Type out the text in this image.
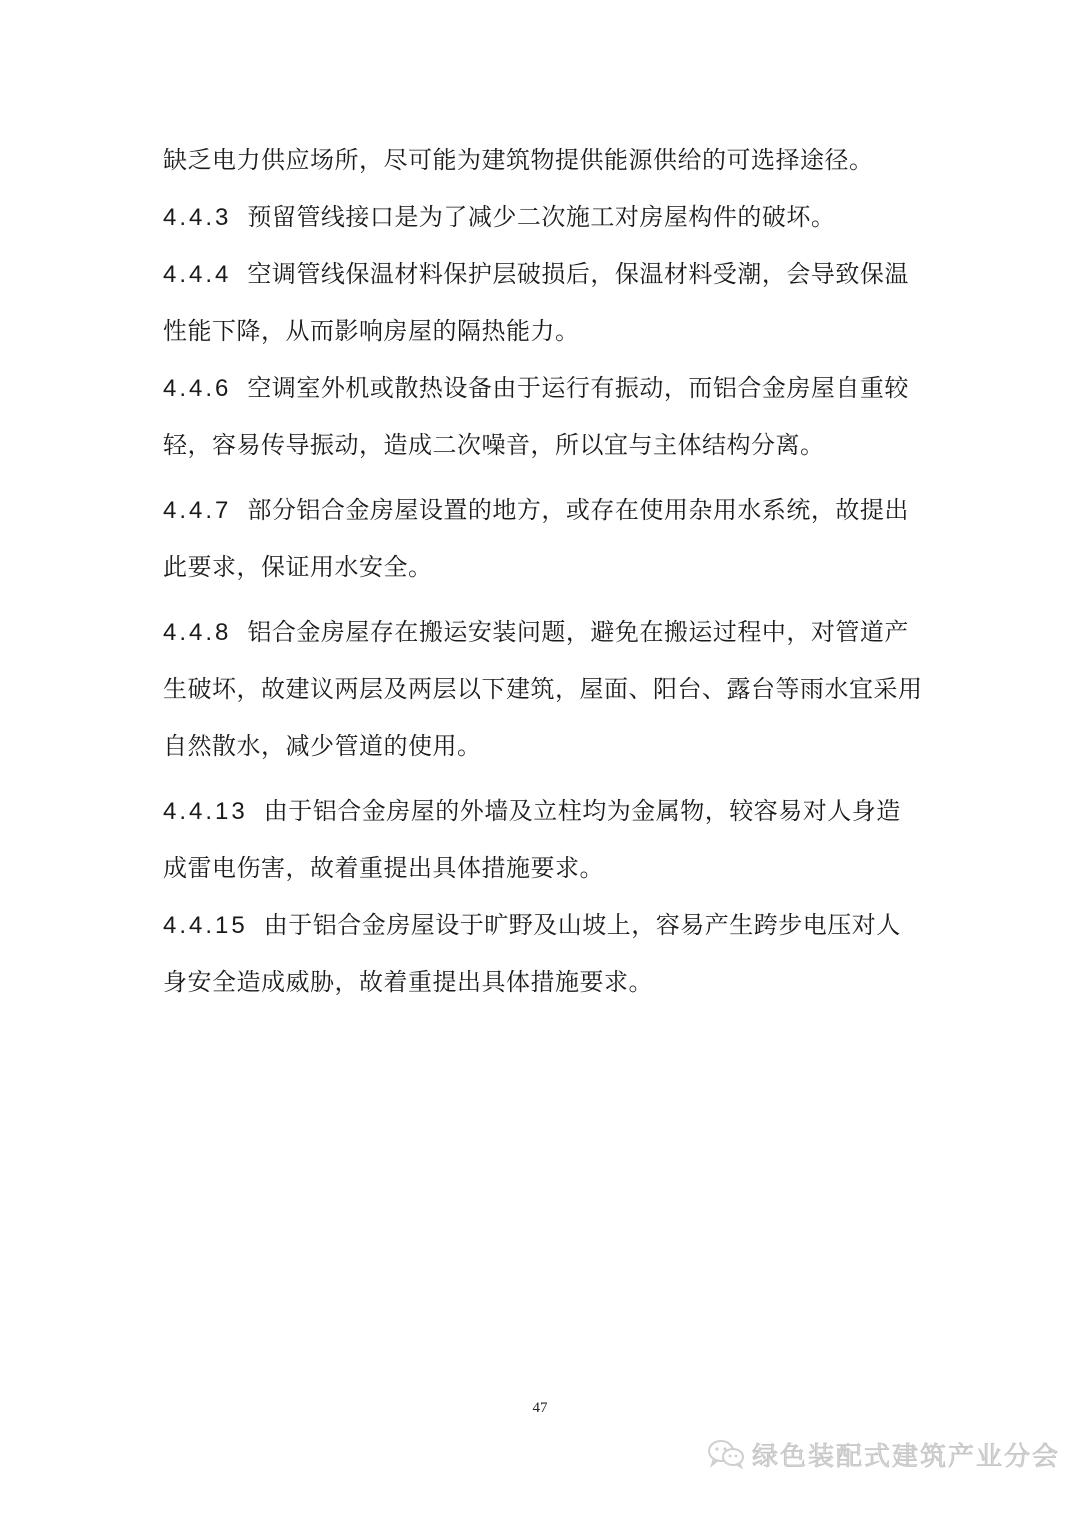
缺乏电力供应场所，尽可能为建筑物提供能源供给的可选择途径。

4.4.3 预留管线接口是为了减少二次施工对房屋构件的破坏。

4.4.4 空调管线保温材料保护层破损后，保温材料受潮，会导致保温性能下降，从而影响房屋的隔热能力。

4.4.6 空调室外机或散热设备由于运行有振动，而铝合金房屋自重较轻，容易传导振动，造成二次噪音，所以宜与主体结构分离。

4.4.7 部分铝合金房屋设置的地方，或存在使用杂用水系统，故提出此要求，保证用水安全。

4.4.8 铝合金房屋存在搬运安装问题，避免在搬运过程中，对管道产生破坏，故建议两层及两层以下建筑，屋面、阳台、露台等雨水宜采用自然散水，减少管道的使用。

4.4.13 由于铝合金房屋的外墙及立柱均为金属物，较容易对人身造成雷电伤害，故着重提出具体措施要求。

4.4.15 由于铝合金房屋设于旷野及山坡上，容易产生跨步电压对人身安全造成威胁，故着重提出具体措施要求。

47
绿色装配式建筑产业分会
